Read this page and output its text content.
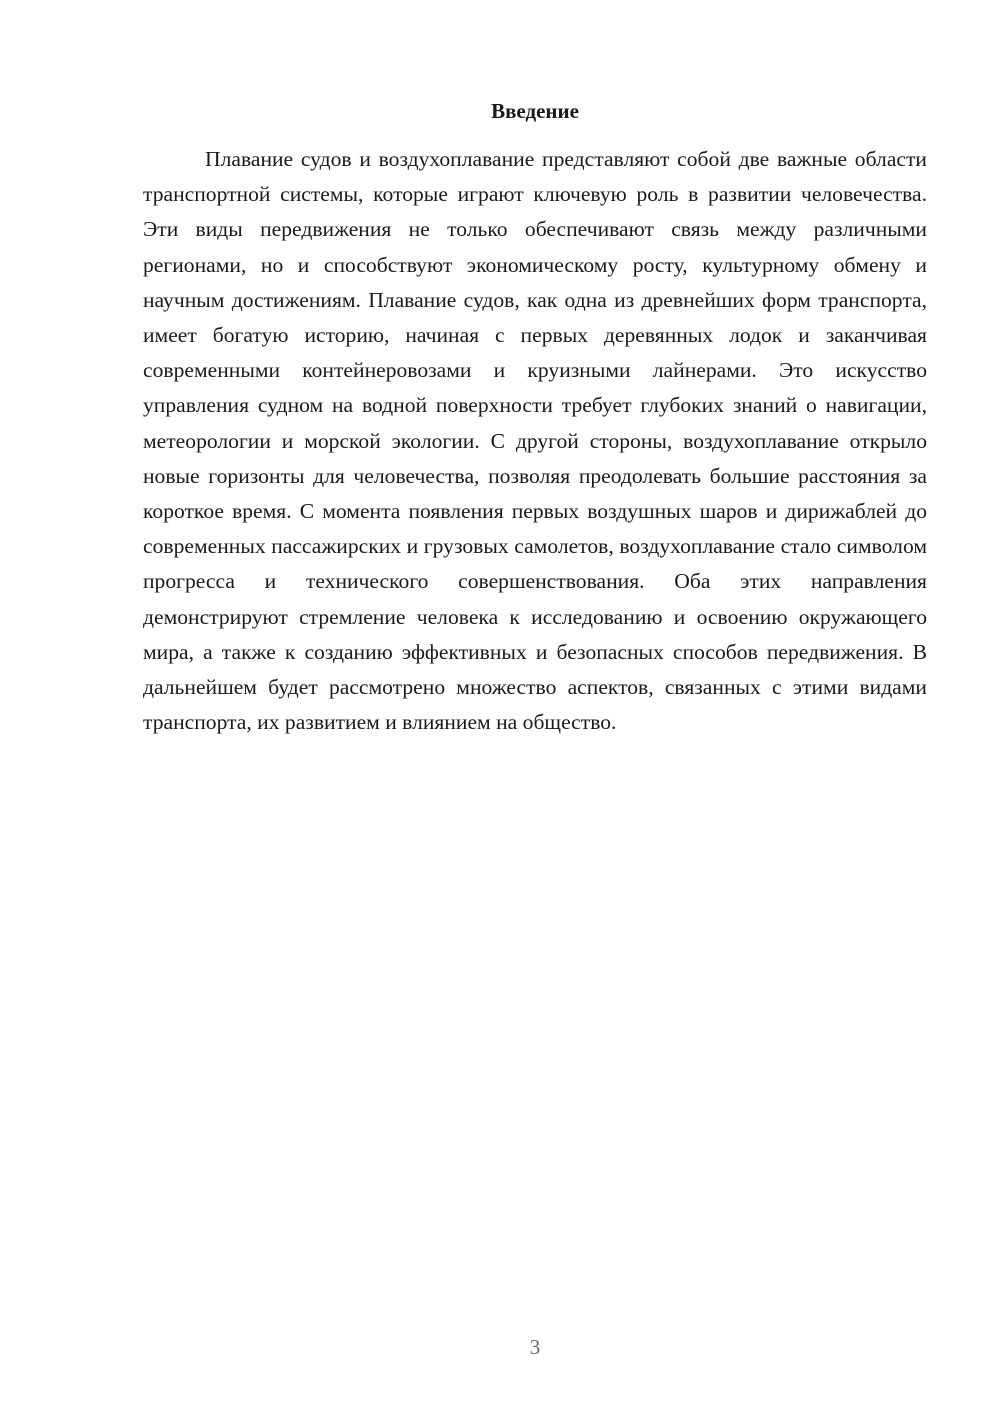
Введение

Плавание судов и воздухоплавание представляют собой две важные области транспортной системы, которые играют ключевую роль в развитии человечества. Эти виды передвижения не только обеспечивают связь между различными регионами, но и способствуют экономическому росту, культурному обмену и научным достижениям. Плавание судов, как одна из древнейших форм транспорта, имеет богатую историю, начиная с первых деревянных лодок и заканчивая современными контейнеровозами и круизными лайнерами. Это искусство управления судном на водной поверхности требует глубоких знаний о навигации, метеорологии и морской экологии. С другой стороны, воздухоплавание открыло новые горизонты для человечества, позволяя преодолевать большие расстояния за короткое время. С момента появления первых воздушных шаров и дирижаблей до современных пассажирских и грузовых самолетов, воздухоплавание стало символом прогресса и технического совершенствования. Оба этих направления демонстрируют стремление человека к исследованию и освоению окружающего мира, а также к созданию эффективных и безопасных способов передвижения. В дальнейшем будет рассмотрено множество аспектов, связанных с этими видами транспорта, их развитием и влиянием на общество.

3
